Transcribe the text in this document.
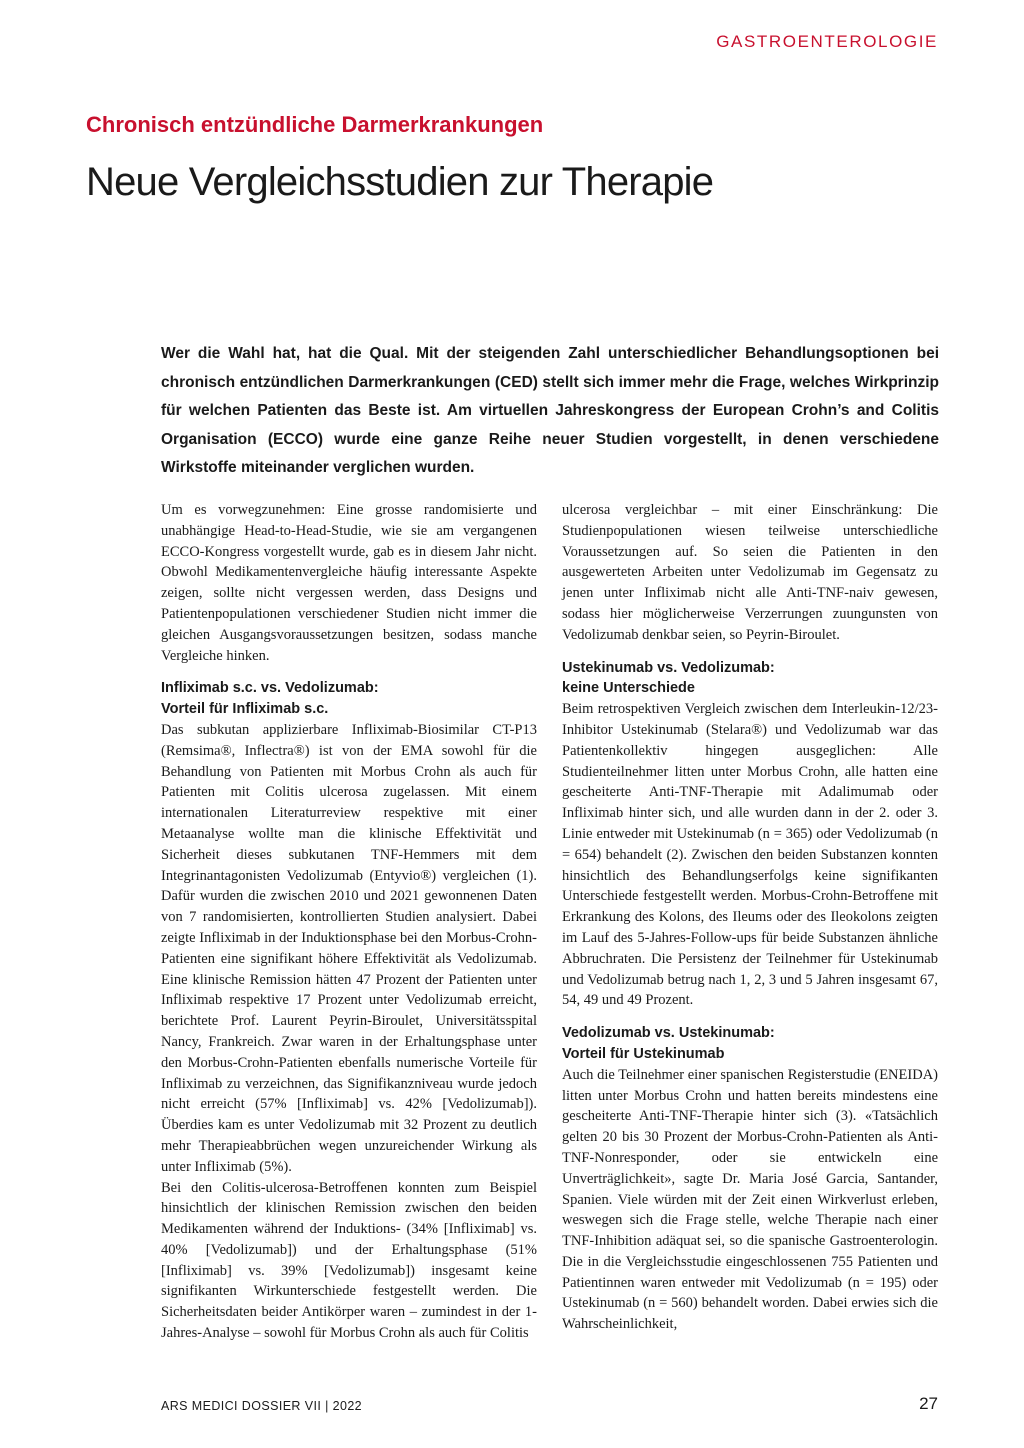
GASTROENTEROLOGIE
Chronisch entzündliche Darmerkrankungen
Neue Vergleichsstudien zur Therapie

Wer die Wahl hat, hat die Qual. Mit der steigenden Zahl unterschiedlicher Behandlungsoptionen bei chronisch entzündlichen Darmerkrankungen (CED) stellt sich immer mehr die Frage, welches Wirkprinzip für welchen Patienten das Beste ist. Am virtuellen Jahreskongress der European Crohn’s and Colitis Organisation (ECCO) wurde eine ganze Reihe neuer Studien vorgestellt, in denen verschiedene Wirkstoffe miteinander verglichen wurden.

Um es vorwegzunehmen: Eine grosse randomisierte und unabhängige Head-to-Head-Studie, wie sie am vergangenen ECCO-Kongress vorgestellt wurde, gab es in diesem Jahr nicht. Obwohl Medikamentenvergleiche häufig interessante Aspekte zeigen, sollte nicht vergessen werden, dass Designs und Patientenpopulationen verschiedener Studien nicht immer die gleichen Ausgangsvoraussetzungen besitzen, sodass manche Vergleiche hinken.

Infliximab s.c. vs. Vedolizumab:
Vorteil für Infliximab s.c.

Das subkutan applizierbare Infliximab-Biosimilar CT-P13 (Remsima®, Inflectra®) ist von der EMA sowohl für die Behandlung von Patienten mit Morbus Crohn als auch für Patienten mit Colitis ulcerosa zugelassen. Mit einem internationalen Literaturreview respektive mit einer Metaanalyse wollte man die klinische Effektivität und Sicherheit dieses subkutanen TNF-Hemmers mit dem Integrinantagonisten Vedolizumab (Entyvio®) vergleichen (1). Dafür wurden die zwischen 2010 und 2021 gewonnenen Daten von 7 randomisierten, kontrollierten Studien analysiert. Dabei zeigte Infliximab in der Induktionsphase bei den Morbus-Crohn-Patienten eine signifikant höhere Effektivität als Vedolizumab. Eine klinische Remission hätten 47 Prozent der Patienten unter Infliximab respektive 17 Prozent unter Vedolizumab erreicht, berichtete Prof. Laurent Peyrin-Biroulet, Universitätsspital Nancy, Frankreich. Zwar waren in der Erhaltungsphase unter den Morbus-Crohn-Patienten ebenfalls numerische Vorteile für Infliximab zu verzeichnen, das Signifikanzniveau wurde jedoch nicht erreicht (57% [Infliximab] vs. 42% [Vedolizumab]). Überdies kam es unter Vedolizumab mit 32 Prozent zu deutlich mehr Therapieabbrüchen wegen unzureichender Wirkung als unter Infliximab (5%).

Bei den Colitis-ulcerosa-Betroffenen konnten zum Beispiel hinsichtlich der klinischen Remission zwischen den beiden Medikamenten während der Induktions- (34% [Infliximab] vs. 40% [Vedolizumab]) und der Erhaltungsphase (51% [Infliximab] vs. 39% [Vedolizumab]) insgesamt keine signifikanten Wirkunterschiede festgestellt werden. Die Sicherheitsdaten beider Antikörper waren – zumindest in der 1-Jahres-Analyse – sowohl für Morbus Crohn als auch für Colitis

ulcerosa vergleichbar – mit einer Einschränkung: Die Studienpopulationen wiesen teilweise unterschiedliche Voraussetzungen auf. So seien die Patienten in den ausgewerteten Arbeiten unter Vedolizumab im Gegensatz zu jenen unter Infliximab nicht alle Anti-TNF-naiv gewesen, sodass hier möglicherweise Verzerrungen zuungunsten von Vedolizumab denkbar seien, so Peyrin-Biroulet.

Ustekinumab vs. Vedolizumab:
keine Unterschiede

Beim retrospektiven Vergleich zwischen dem Interleukin-12/23-Inhibitor Ustekinumab (Stelara®) und Vedolizumab war das Patientenkollektiv hingegen ausgeglichen: Alle Studienteilnehmer litten unter Morbus Crohn, alle hatten eine gescheiterte Anti-TNF-Therapie mit Adalimumab oder Infliximab hinter sich, und alle wurden dann in der 2. oder 3. Linie entweder mit Ustekinumab (n = 365) oder Vedolizumab (n = 654) behandelt (2). Zwischen den beiden Substanzen konnten hinsichtlich des Behandlungserfolgs keine signifikanten Unterschiede festgestellt werden. Morbus-Crohn-Betroffene mit Erkrankung des Kolons, des Ileums oder des Ileokolons zeigten im Lauf des 5-Jahres-Follow-ups für beide Substanzen ähnliche Abbruchraten. Die Persistenz der Teilnehmer für Ustekinumab und Vedolizumab betrug nach 1, 2, 3 und 5 Jahren insgesamt 67, 54, 49 und 49 Prozent.

Vedolizumab vs. Ustekinumab:
Vorteil für Ustekinumab

Auch die Teilnehmer einer spanischen Registerstudie (ENEIDA) litten unter Morbus Crohn und hatten bereits mindestens eine gescheiterte Anti-TNF-Therapie hinter sich (3). «Tatsächlich gelten 20 bis 30 Prozent der Morbus-Crohn-Patienten als Anti-TNF-Nonresponder, oder sie entwickeln eine Unverträglichkeit», sagte Dr. Maria José Garcia, Santander, Spanien. Viele würden mit der Zeit einen Wirkverlust erleben, weswegen sich die Frage stelle, welche Therapie nach einer TNF-Inhibition adäquat sei, so die spanische Gastroenterologin. Die in die Vergleichsstudie eingeschlossenen 755 Patienten und Patientinnen waren entweder mit Vedolizumab (n = 195) oder Ustekinumab (n = 560) behandelt worden. Dabei erwies sich die Wahrscheinlichkeit,

ARS MEDICI DOSSIER VII | 2022	27
